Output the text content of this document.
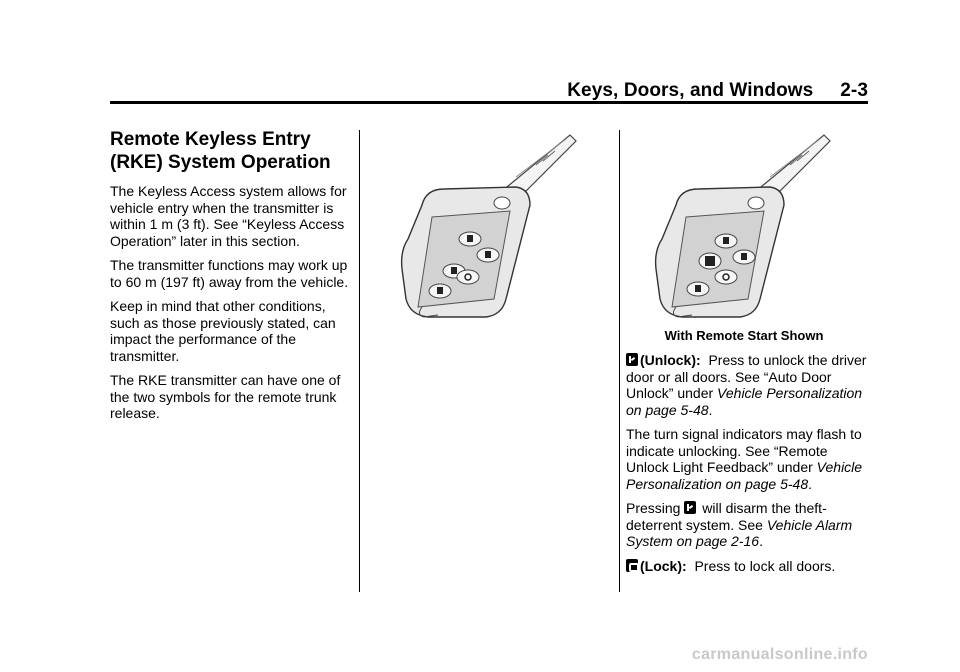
Keys, Doors, and Windows     2-3
Remote Keyless Entry (RKE) System Operation

The Keyless Access system allows for vehicle entry when the transmitter is within 1 m (3 ft). See “Keyless Access Operation” later in this section.

The transmitter functions may work up to 60 m (197 ft) away from the vehicle.

Keep in mind that other conditions, such as those previously stated, can impact the performance of the transmitter.

The RKE transmitter can have one of the two symbols for the remote trunk release.

With Remote Start Shown

(Unlock): Press to unlock the driver door or all doors. See “Auto Door Unlock” under Vehicle Personalization on page 5-48.

The turn signal indicators may flash to indicate unlocking. See “Remote Unlock Light Feedback” under Vehicle Personalization on page 5-48.

Pressing  will disarm the theft-deterrent system. See Vehicle Alarm System on page 2-16.

(Lock): Press to lock all doors.

carmanualsonline.info
